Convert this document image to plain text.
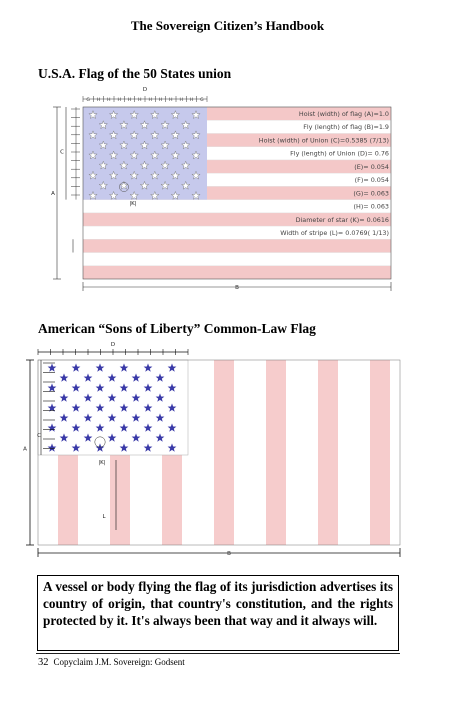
The Sovereign Citizen’s Handbook
U.S.A. Flag of the 50 States union
Hoist (width) of flag (A)=1.0
Fly (length) of flag (B)=1.9
Hoist (width) of Union (C)=0.5385 (7/13)
Fly (length) of Union (D)= 0.76
(E)= 0.054
(F)= 0.054
(G)= 0.063
(H)= 0.063
Diameter of star (K)= 0.0616
Width of stripe (L)= 0.0769( 1/13)
G H H H H H H H H H H G
D
B
A
C
|K|
American “Sons of Liberty” Common-Law Flag
D
B
A
C
L
|K|
A vessel or body flying the flag of its jurisdiction advertises its country of origin, that country's constitution, and the rights protected by it. It's always been that way and it always will.
32 Copyclaim J.M. Sovereign: Godsent
